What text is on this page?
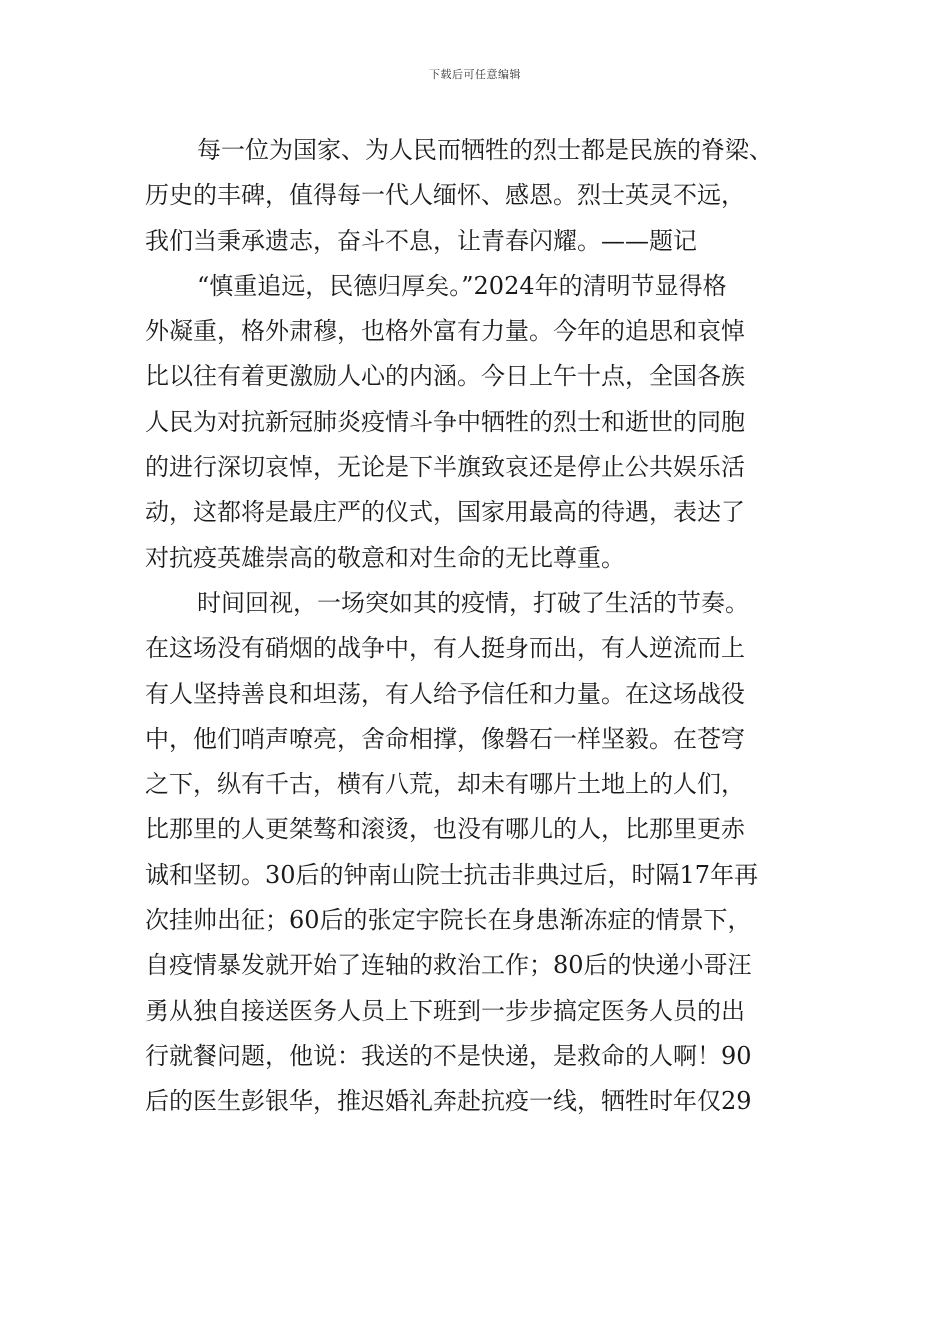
下载后可任意编辑
每一位为国家、为人民而牺牲的烈士都是民族的脊梁、
历史的丰碑，值得每一代人缅怀、感恩。烈士英灵不远，
我们当秉承遗志，奋斗不息，让青春闪耀。——题记
“慎重追远，民德归厚矣。”2024年的清明节显得格
外凝重，格外肃穆，也格外富有力量。今年的追思和哀悼
比以往有着更激励人心的内涵。今日上午十点，全国各族
人民为对抗新冠肺炎疫情斗争中牺牲的烈士和逝世的同胞
的进行深切哀悼，无论是下半旗致哀还是停止公共娱乐活
动，这都将是最庄严的仪式，国家用最高的待遇，表达了
对抗疫英雄崇高的敬意和对生命的无比尊重。
时间回视，一场突如其的疫情，打破了生活的节奏。
在这场没有硝烟的战争中，有人挺身而出，有人逆流而上
有人坚持善良和坦荡，有人给予信任和力量。在这场战役
中，他们哨声嘹亮，舍命相撑，像磐石一样坚毅。在苍穹
之下，纵有千古，横有八荒，却未有哪片土地上的人们，
比那里的人更桀骜和滚烫，也没有哪儿的人，比那里更赤
诚和坚韧。30后的钟南山院士抗击非典过后，时隔17年再
次挂帅出征；60后的张定宇院长在身患渐冻症的情景下，
自疫情暴发就开始了连轴的救治工作；80后的快递小哥汪
勇从独自接送医务人员上下班到一步步搞定医务人员的出
行就餐问题，他说：我送的不是快递，是救命的人啊！90
后的医生彭银华，推迟婚礼奔赴抗疫一线，牺牲时年仅29
